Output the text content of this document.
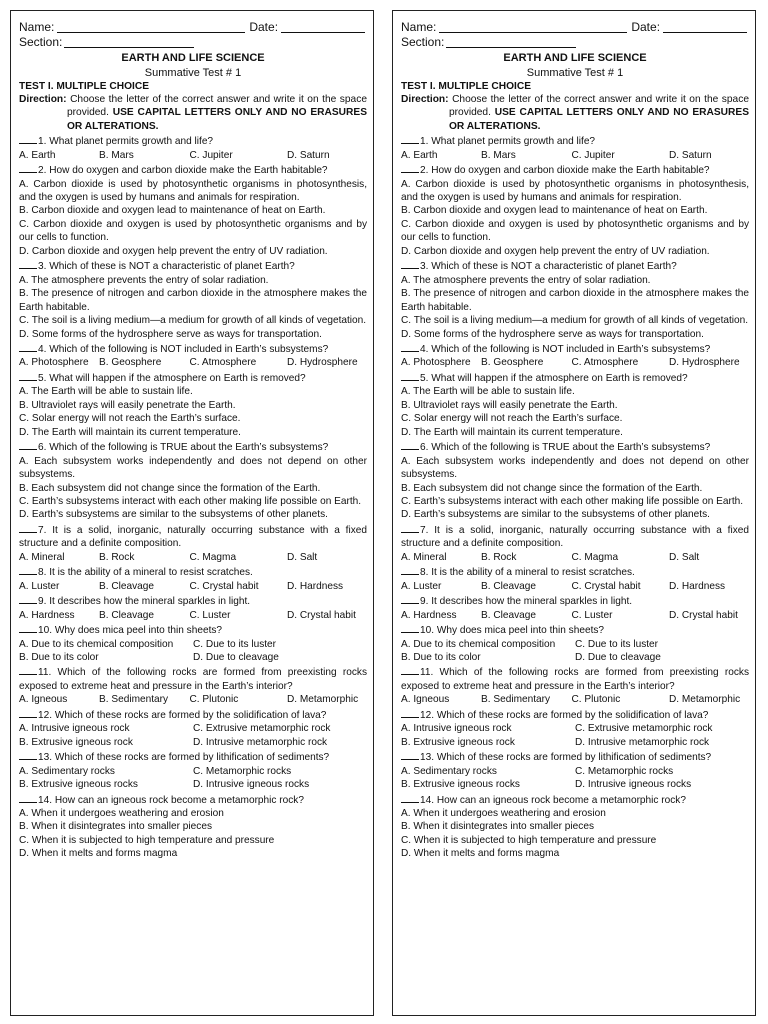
Name:	Date:
Section:
EARTH AND LIFE SCIENCE
Summative Test # 1
TEST I. MULTIPLE CHOICE
Direction: Choose the letter of the correct answer and write it on the space provided. USE CAPITAL LETTERS ONLY AND NO ERASURES OR ALTERATIONS.
1. What planet permits growth and life?
A. Earth	B. Mars	C. Jupiter	D. Saturn
2. How do oxygen and carbon dioxide make the Earth habitable?
A. Carbon dioxide is used by photosynthetic organisms in photosynthesis, and the oxygen is used by humans and animals for respiration.
B. Carbon dioxide and oxygen lead to maintenance of heat on Earth.
C. Carbon dioxide and oxygen is used by photosynthetic organisms and by our cells to function.
D. Carbon dioxide and oxygen help prevent the entry of UV radiation.
3. Which of these is NOT a characteristic of planet Earth?
A. The atmosphere prevents the entry of solar radiation.
B. The presence of nitrogen and carbon dioxide in the atmosphere makes the Earth habitable.
C. The soil is a living medium—a medium for growth of all kinds of vegetation.
D. Some forms of the hydrosphere serve as ways for transportation.
4. Which of the following is NOT included in Earth’s subsystems?
A. Photosphere	B. Geosphere	C. Atmosphere	D. Hydrosphere
5. What will happen if the atmosphere on Earth is removed?
A. The Earth will be able to sustain life.
B. Ultraviolet rays will easily penetrate the Earth.
C. Solar energy will not reach the Earth’s surface.
D. The Earth will maintain its current temperature.
6. Which of the following is TRUE about the Earth’s subsystems?
A. Each subsystem works independently and does not depend on other subsystems.
B. Each subsystem did not change since the formation of the Earth.
C. Earth’s subsystems interact with each other making life possible on Earth.
D. Earth’s subsystems are similar to the subsystems of other planets.
7. It is a solid, inorganic, naturally occurring substance with a fixed structure and a definite composition.
A. Mineral	B. Rock	C. Magma	D. Salt
8. It is the ability of a mineral to resist scratches.
A. Luster	B. Cleavage	C. Crystal habit	D. Hardness
9. It describes how the mineral sparkles in light.
A. Hardness	B. Cleavage	C. Luster	D. Crystal habit
10. Why does mica peel into thin sheets?
A. Due to its chemical composition	C. Due to its luster
B. Due to its color	D. Due to cleavage
11. Which of the following rocks are formed from preexisting rocks exposed to extreme heat and pressure in the Earth’s interior?
A. Igneous	B. Sedimentary	C. Plutonic	D. Metamorphic
12. Which of these rocks are formed by the solidification of lava?
A. Intrusive igneous rock	C. Extrusive metamorphic rock
B. Extrusive igneous rock	D. Intrusive metamorphic rock
13. Which of these rocks are formed by lithification of sediments?
A. Sedimentary rocks	C. Metamorphic rocks
B. Extrusive igneous rocks	D. Intrusive igneous rocks
14. How can an igneous rock become a metamorphic rock?
A. When it undergoes weathering and erosion
B. When it disintegrates into smaller pieces
C. When it is subjected to high temperature and pressure
D. When it melts and forms magma
Name:	Date:
Section:
EARTH AND LIFE SCIENCE
Summative Test # 1
TEST I. MULTIPLE CHOICE
Direction: Choose the letter of the correct answer and write it on the space provided. USE CAPITAL LETTERS ONLY AND NO ERASURES OR ALTERATIONS.
1. What planet permits growth and life?
A. Earth	B. Mars	C. Jupiter	D. Saturn
2. How do oxygen and carbon dioxide make the Earth habitable?
A. Carbon dioxide is used by photosynthetic organisms in photosynthesis, and the oxygen is used by humans and animals for respiration.
B. Carbon dioxide and oxygen lead to maintenance of heat on Earth.
C. Carbon dioxide and oxygen is used by photosynthetic organisms and by our cells to function.
D. Carbon dioxide and oxygen help prevent the entry of UV radiation.
3. Which of these is NOT a characteristic of planet Earth?
A. The atmosphere prevents the entry of solar radiation.
B. The presence of nitrogen and carbon dioxide in the atmosphere makes the Earth habitable.
C. The soil is a living medium—a medium for growth of all kinds of vegetation.
D. Some forms of the hydrosphere serve as ways for transportation.
4. Which of the following is NOT included in Earth’s subsystems?
A. Photosphere	B. Geosphere	C. Atmosphere	D. Hydrosphere
5. What will happen if the atmosphere on Earth is removed?
A. The Earth will be able to sustain life.
B. Ultraviolet rays will easily penetrate the Earth.
C. Solar energy will not reach the Earth’s surface.
D. The Earth will maintain its current temperature.
6. Which of the following is TRUE about the Earth’s subsystems?
A. Each subsystem works independently and does not depend on other subsystems.
B. Each subsystem did not change since the formation of the Earth.
C. Earth’s subsystems interact with each other making life possible on Earth.
D. Earth’s subsystems are similar to the subsystems of other planets.
7. It is a solid, inorganic, naturally occurring substance with a fixed structure and a definite composition.
A. Mineral	B. Rock	C. Magma	D. Salt
8. It is the ability of a mineral to resist scratches.
A. Luster	B. Cleavage	C. Crystal habit	D. Hardness
9. It describes how the mineral sparkles in light.
A. Hardness	B. Cleavage	C. Luster	D. Crystal habit
10. Why does mica peel into thin sheets?
A. Due to its chemical composition	C. Due to its luster
B. Due to its color	D. Due to cleavage
11. Which of the following rocks are formed from preexisting rocks exposed to extreme heat and pressure in the Earth’s interior?
A. Igneous	B. Sedimentary	C. Plutonic	D. Metamorphic
12. Which of these rocks are formed by the solidification of lava?
A. Intrusive igneous rock	C. Extrusive metamorphic rock
B. Extrusive igneous rock	D. Intrusive metamorphic rock
13. Which of these rocks are formed by lithification of sediments?
A. Sedimentary rocks	C. Metamorphic rocks
B. Extrusive igneous rocks	D. Intrusive igneous rocks
14. How can an igneous rock become a metamorphic rock?
A. When it undergoes weathering and erosion
B. When it disintegrates into smaller pieces
C. When it is subjected to high temperature and pressure
D. When it melts and forms magma
